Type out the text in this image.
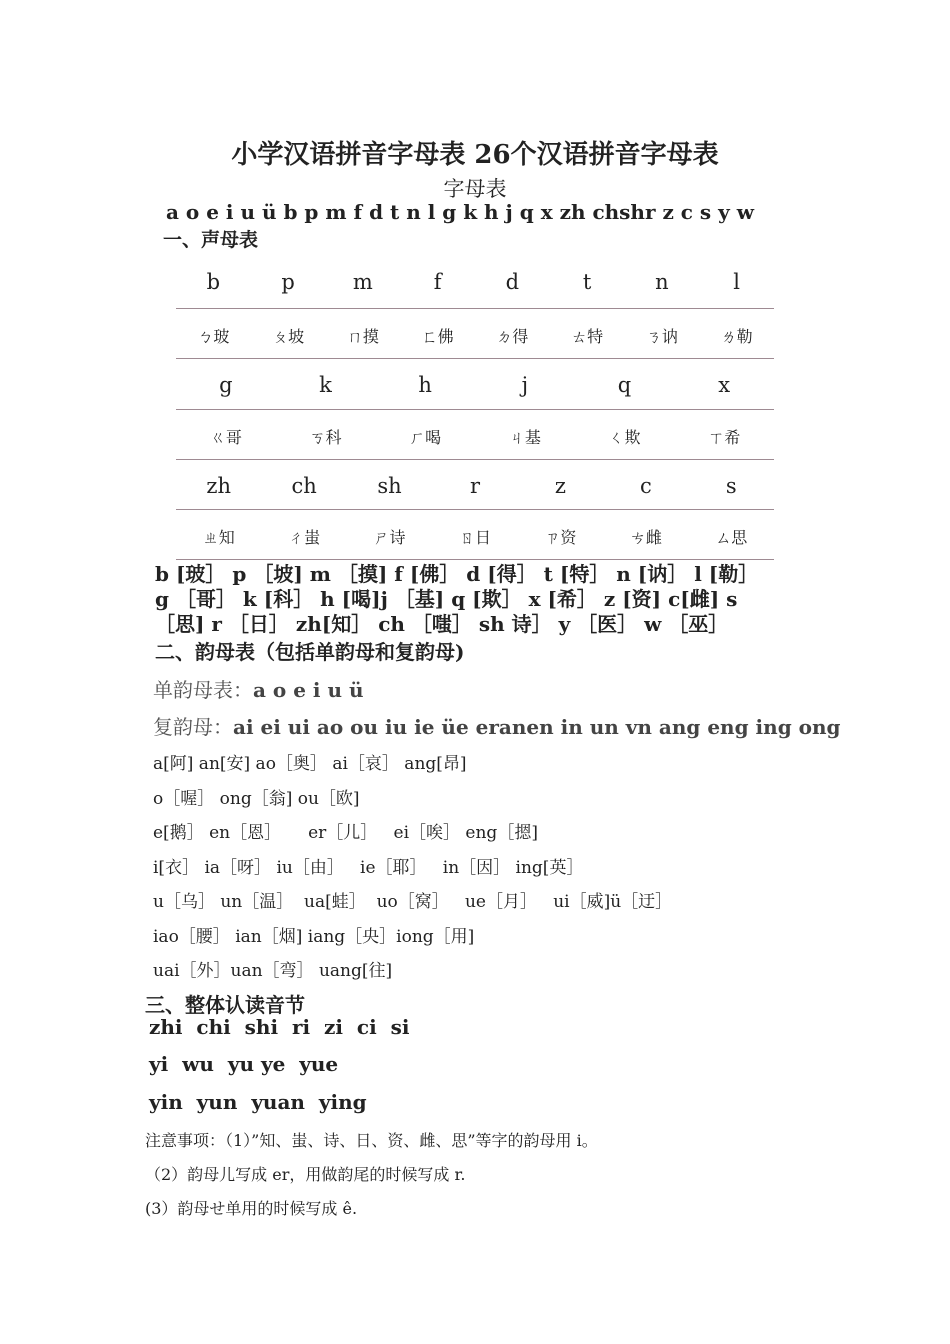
小学汉语拼音字母表 26个汉语拼音字母表
字母表
a o e i u ü b p m f d t n l g k h j q x zh chshr z c s y w
一、声母表
b	p	m	f	d	t	n	l
ㄅ玻	ㄆ坡	ㄇ摸	ㄈ佛	ㄉ得	ㄊ特	ㄋ讷	ㄌ勒
g	k	h	j	q	x
ㄍ哥	ㄎ科	ㄏ喝	ㄐ基	ㄑ欺	ㄒ希
zh	ch	sh	r	z	c	s
ㄓ知	ㄔ蚩	ㄕ诗	ㄖ日	ㄗ资	ㄘ雌	ㄙ思
b [玻］ p ［坡] m ［摸] f [佛］ d [得］ t [特］ n [讷］ l [勒］ g ［哥］ k [科］ h [喝]j ［基] q [欺］ x [希］ z [资] c[雌] s ［思] r ［日］ zh[知］ ch ［嗤］ sh 诗］ y ［医］ w ［巫］
二、韵母表（包括单韵母和复韵母)
单韵母表：a o e i u ü
复韵母：ai ei ui ao ou iu ie üe eranen in un vn ang eng ing ong
a[阿] an[安] ao［奥］ ai［哀］ ang[昂]
o［喔］ ong［翁] ou［欧]
e[鹅］ en［恩］     er［儿］   ei［唉］ eng［摁]
i[衣］ ia［呀］ iu［由］   ie［耶］   in［因］ ing[英］
u［乌］ un［温］  ua[蛙］  uo［窝］   ue［月］   ui［威]ü［迂］
iao［腰］ ian［烟] iang［央］iong［用]
uai［外］uan［弯］ uang[往]
三、整体认读音节
zhi  chi  shi  ri  zi  ci  si
yi  wu  yu ye  yue
yin  yun  yuan  ying
注意事项：（1）”知、蚩、诗、日、资、雌、思”等字的韵母用 i。
（2）韵母儿写成 er，用做韵尾的时候写成 r.
(3）韵母せ单用的时候写成 ê.
